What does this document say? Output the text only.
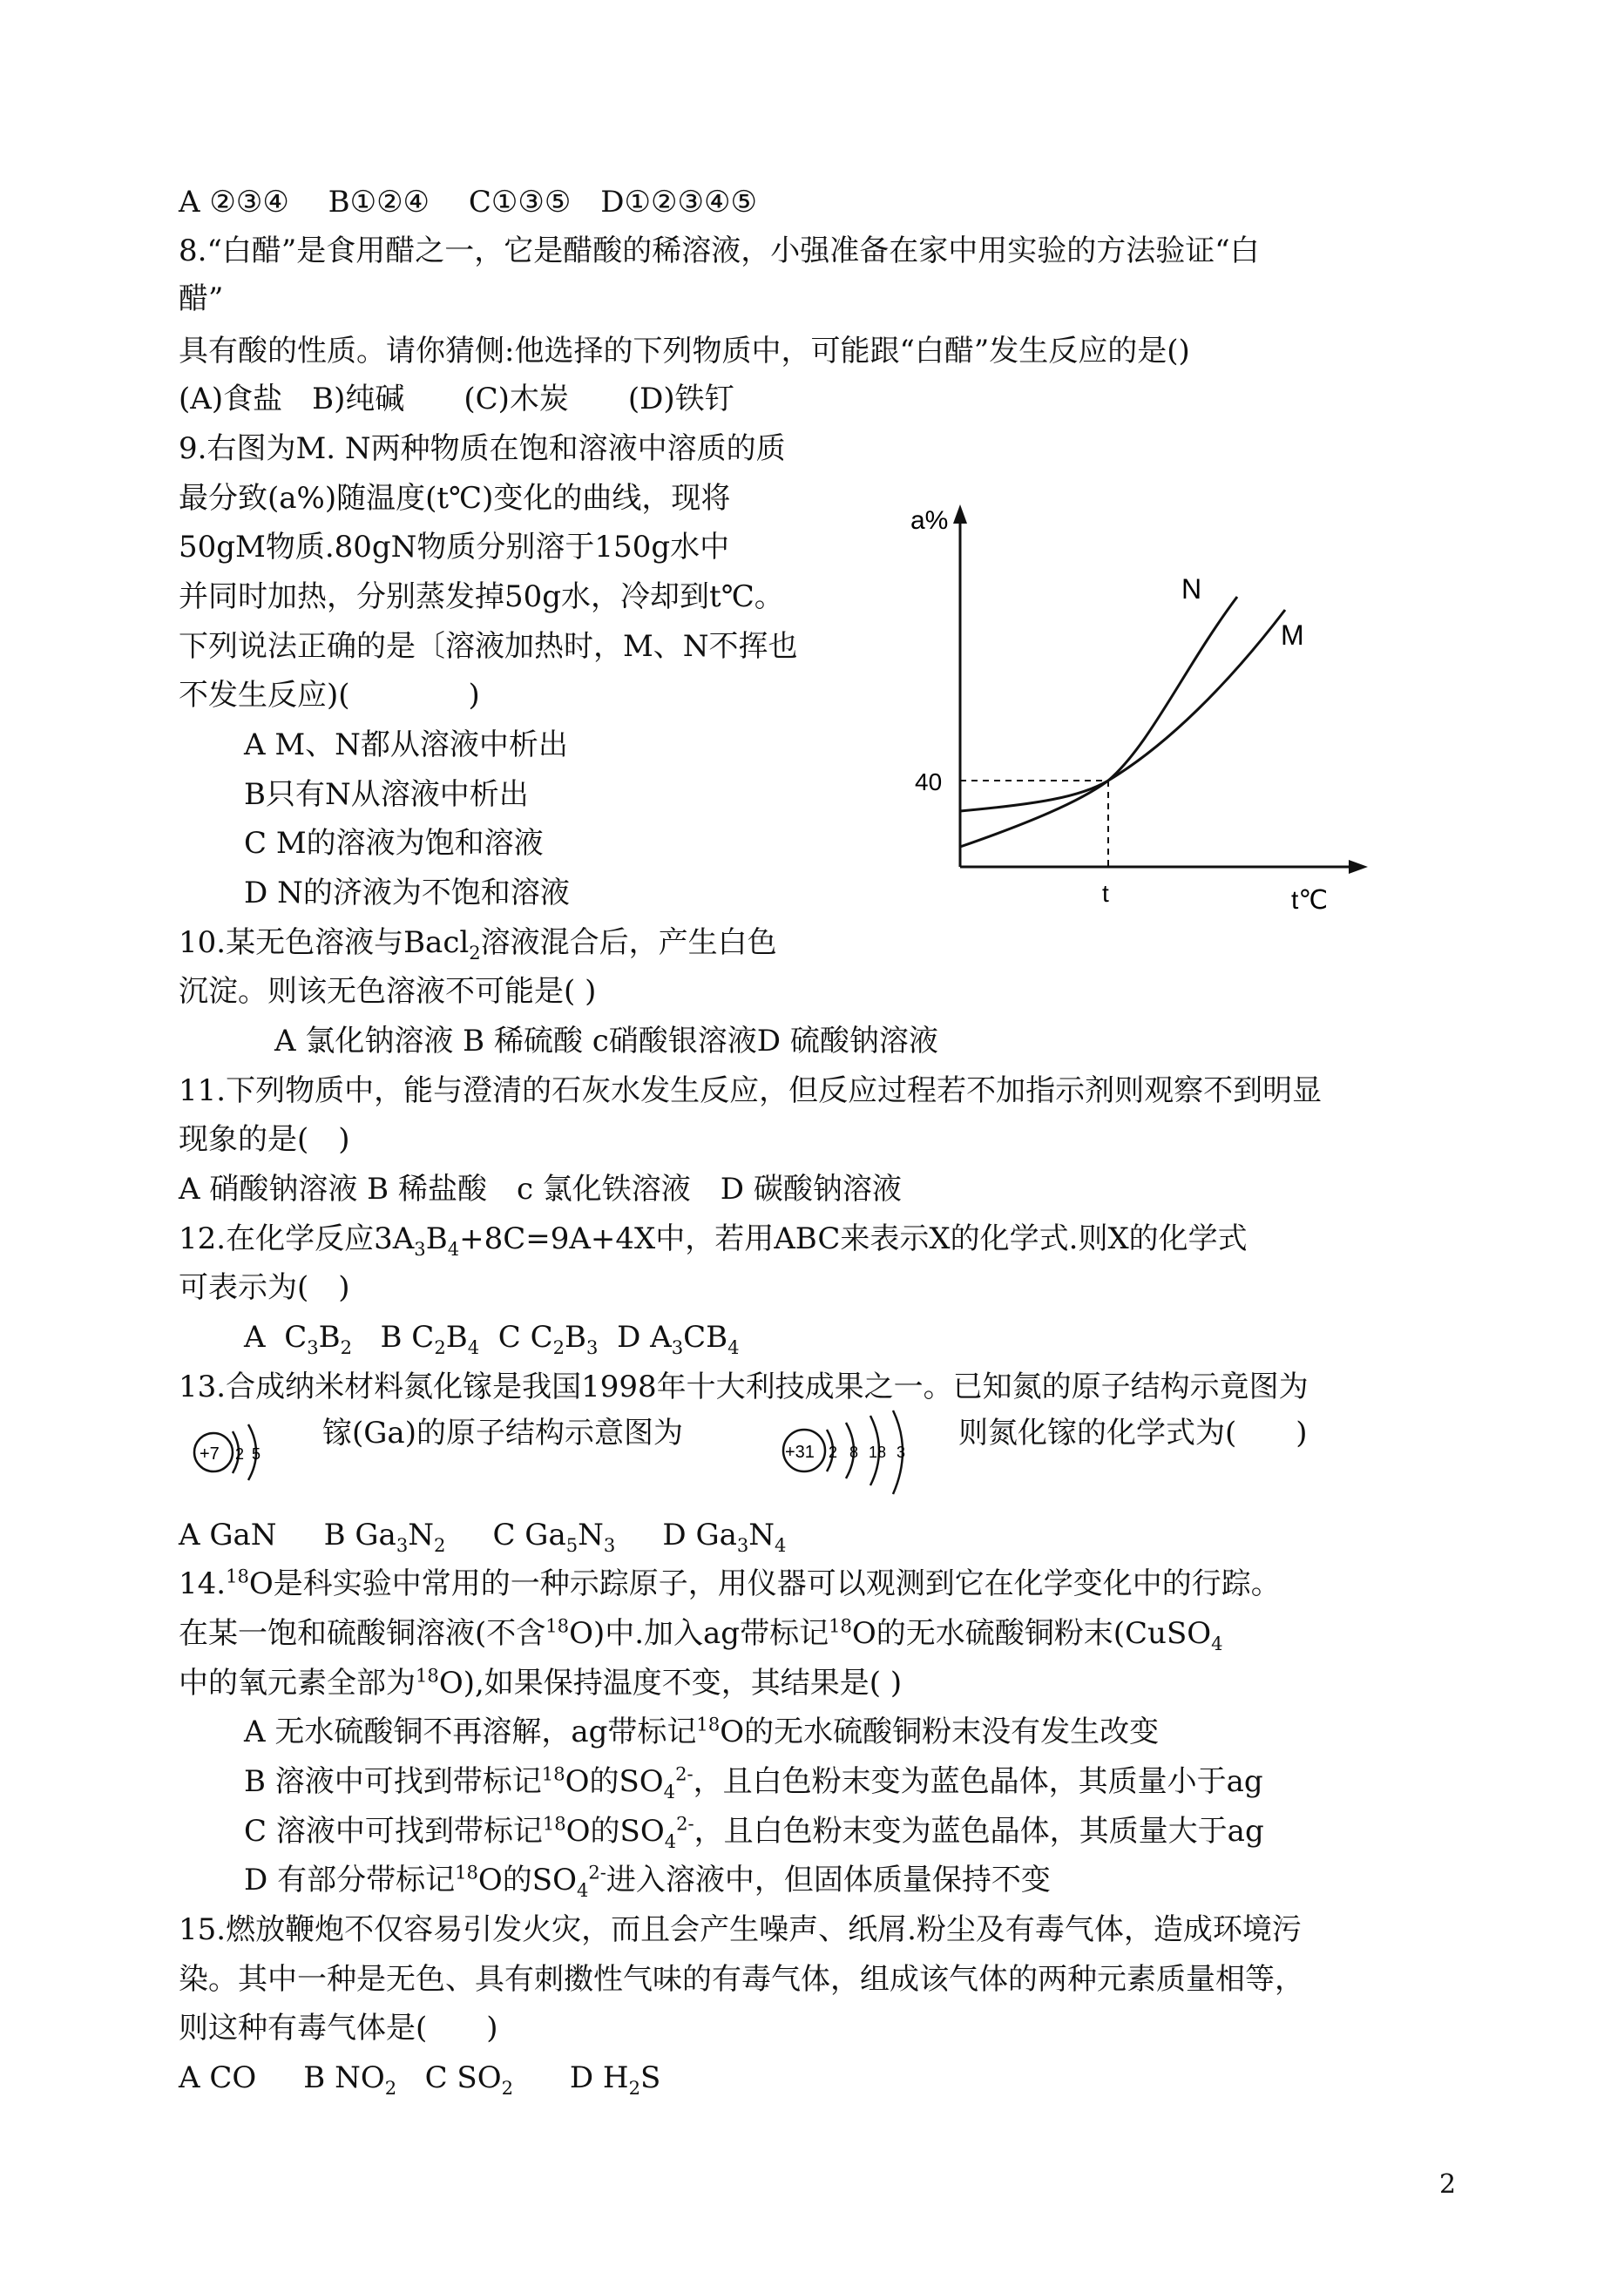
A ②③④　 B①②④　 C①③⑤　D①②③④⑤
8.“白醋”是食用醋之一，它是醋酸的稀溶液，小强准备在家中用实验的方法验证“白
醋”
具有酸的性质。请你猜侧:他选择的下列物质中，可能跟“白醋”发生反应的是()
(A)食盐　B)纯碱　　(C)木炭　　(D)铁钉
9.右图为M. N两种物质在饱和溶液中溶质的质
最分致(a%)随温度(t℃)变化的曲线，现将
50gM物质.80gN物质分别溶于150g水中
并同时加热，分别蒸发掉50g水，冷却到t℃。
下列说法正确的是〔溶液加热时，M、N不挥也
不发生反应)(　　　　)
A M、N都从溶液中析出
B只有N从溶液中析出
C M的溶液为饱和溶液
D N的济液为不饱和溶液
a%
t℃
40
t
N
M
10.某无色溶液与Bacl$_2$溶液混合后，产生白色
沉淀。则该无色溶液不可能是( )
A 氯化钠溶液 B 稀硫酸 c硝酸银溶液D 硫酸钠溶液
11.下列物质中，能与澄清的石灰水发生反应，但反应过程若不加指示剂则观察不到明显
现象的是(　)
A 硝酸钠溶液 B 稀盐酸　c 氯化铁溶液　D 碳酸钠溶液
12.在化学反应$3A_3B_4+8C=9A+4X$中，若用ABC来表示X的化学式.则X的化学式
可表示为(　)
A $C_3B_2$ B $C_2B_4$ C $C_2B_3$ D $A_3CB_4$
13.合成纳米材料氮化镓是我国1998年十大利技成果之一。已知氮的原子结构示竟图为
+7 2 5
镓(Ga)的原子结构示意图为
+31 2 8 18 3
则氮化镓的化学式为(　　)
A GaN B $Ga_3N_2$ C $Ga_5N_3$ D $Ga_3N_4$
14.18O是科实验中常用的一种示踪原子，用仪器可以观测到它在化学变化中的行踪。
在某一饱和硫酸铜溶液(不含$^{18}$O)中.加入ag带标记$^{18}$O的无水硫酸铜粉末(CuSO$_4$
中的氧元素全部为$^{18}$O),如果保持温度不变，其结果是( )
A 无水硫酸铜不再溶解，ag带标记$^{18}$O的无水硫酸铜粉末没有发生改变
B 溶液中可找到带标记$^{18}$O的$SO_4^{2-}$，且白色粉末变为蓝色晶体，其质量小于ag
C 溶液中可找到带标记$^{18}$O的$SO_4^{2-}$，且白色粉末变为蓝色晶体，其质量大于ag
D 有部分带标记$^{18}$O的$SO_4^{2-}$进入溶液中，但固体质量保持不变
15.燃放鞭炮不仅容易引发火灾，而且会产生噪声、纸屑.粉尘及有毒气体，造成环境污
染。其中一种是无色、具有刺擞性气味的有毒气体，组成该气体的两种元素质量相等，
则这种有毒气体是(　　)
A CO B $NO_2$ C $SO_2$ D $H_2S$
2
